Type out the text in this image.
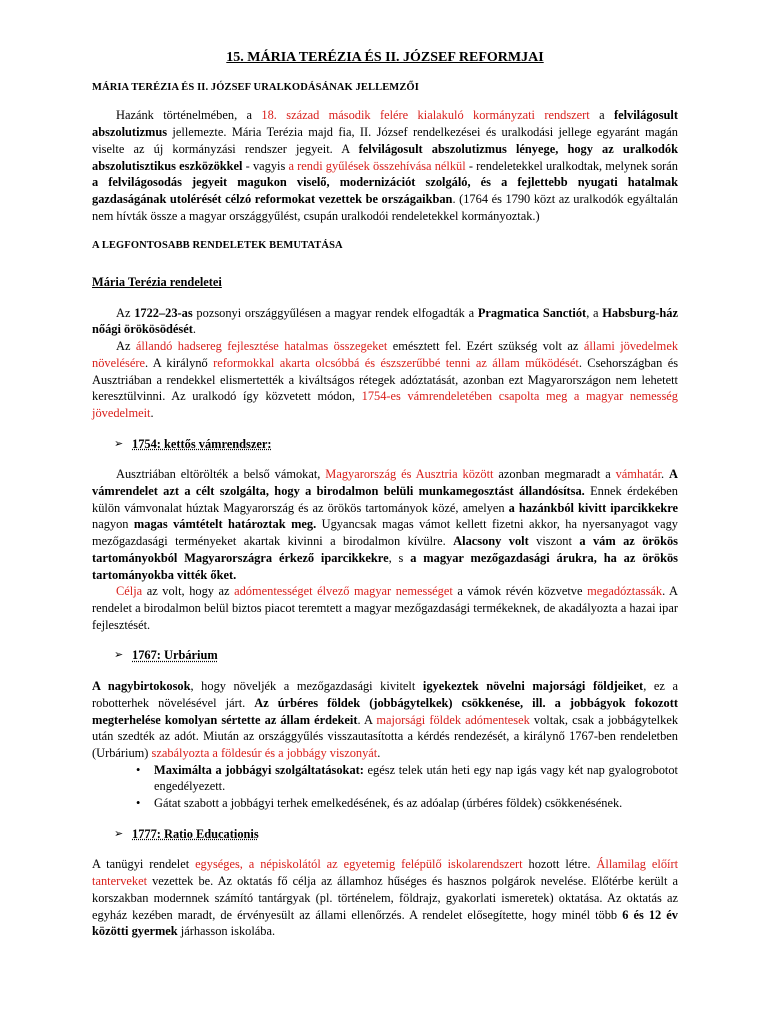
15. MÁRIA TERÉZIA ÉS II. JÓZSEF REFORMJAI
MÁRIA TERÉZIA ÉS II. JÓZSEF URALKODÁSÁNAK JELLEMZŐI

Hazánk történelmében, a 18. század második felére kialakuló kormányzati rendszert a felvilágosult abszolutizmus jellemezte. Mária Terézia majd fia, II. József rendelkezései és uralkodási jellege egyaránt magán viselte az új kormányzási rendszer jegyeit. A felvilágosult abszolutizmus lényege, hogy az uralkodók abszolutisztikus eszközökkel - vagyis a rendi gyűlések összehívása nélkül - rendeletekkel uralkodtak, melynek során a felvilágosodás jegyeit magukon viselő, modernizációt szolgáló, és a fejlettebb nyugati hatalmak gazdaságának utolérését célzó reformokat vezettek be országaikban. (1764 és 1790 közt az uralkodók egyáltalán nem hívták össze a magyar országgyűlést, csupán uralkodói rendeletekkel kormányoztak.)

A LEGFONTOSABB RENDELETEK BEMUTATÁSA

Mária Terézia rendeletei

Az 1722–23-as pozsonyi országgyűlésen a magyar rendek elfogadták a Pragmatica Sanctiót, a Habsburg-ház nőági örökösödését.

Az állandó hadsereg fejlesztése hatalmas összegeket emésztett fel. Ezért szükség volt az állami jövedelmek növelésére. A királynő reformokkal akarta olcsóbbá és észszerűbbé tenni az állam működését. Csehországban és Ausztriában a rendekkel elismertették a kiváltságos rétegek adóztatását, azonban ezt Magyarországon nem lehetett keresztülvinni. Az uralkodó így közvetett módon, 1754-es vámrendeletében csapolta meg a magyar nemesség jövedelmeit.

➢ 1754: kettős vámrendszer:

Ausztriában eltörölték a belső vámokat, Magyarország és Ausztria között azonban megmaradt a vámhatár. A vámrendelet azt a célt szolgálta, hogy a birodalmon belüli munkamegosztást állandósítsa. Ennek érdekében külön vámvonalat húztak Magyarország és az örökös tartományok közé, amelyen a hazánkból kivitt iparcikkekre nagyon magas vámtételt határoztak meg. Ugyancsak magas vámot kellett fizetni akkor, ha nyersanyagot vagy mezőgazdasági terményeket akartak kivinni a birodalmon kívülre. Alacsony volt viszont a vám az örökös tartományokból Magyarországra érkező iparcikkekre, s a magyar mezőgazdasági árukra, ha az örökös tartományokba vitték őket.

Célja az volt, hogy az adómentességet élvező magyar nemességet a vámok révén közvetve megadóztassák. A rendelet a birodalmon belül biztos piacot teremtett a magyar mezőgazdasági termékeknek, de akadályozta a hazai ipar fejlesztését.

➢ 1767: Urbárium

A nagybirtokosok, hogy növeljék a mezőgazdasági kivitelt igyekeztek növelni majorsági földjeiket, ez a robotterhek növelésével járt. Az úrbéres földek (jobbágytelkek) csökkenése, ill. a jobbágyok fokozott megterhelése komolyan sértette az állam érdekeit. A majorsági földek adómentesek voltak, csak a jobbágytelkek után szedték az adót. Miután az országgyűlés visszautasította a kérdés rendezését, a királynő 1767-ben rendeletben (Urbárium) szabályozta a földesúr és a jobbágy viszonyát.

• Maximálta a jobbágyi szolgáltatásokat: egész telek után heti egy nap igás vagy két nap gyalogrobotot engedélyezett.
• Gátat szabott a jobbágyi terhek emelkedésének, és az adóalap (úrbéres földek) csökkenésének.
➢ 1777: Ratio Educationis

A tanügyi rendelet egységes, a népiskolától az egyetemig felépülő iskolarendszert hozott létre. Államilag előírt tanterveket vezettek be. Az oktatás fő célja az államhoz hűséges és hasznos polgárok nevelése. Előtérbe került a korszakban modernnek számító tantárgyak (pl. történelem, földrajz, gyakorlati ismeretek) oktatása. Az oktatás az egyház kezében maradt, de érvényesült az állami ellenőrzés. A rendelet elősegítette, hogy minél több 6 és 12 év közötti gyermek járhasson iskolába.
